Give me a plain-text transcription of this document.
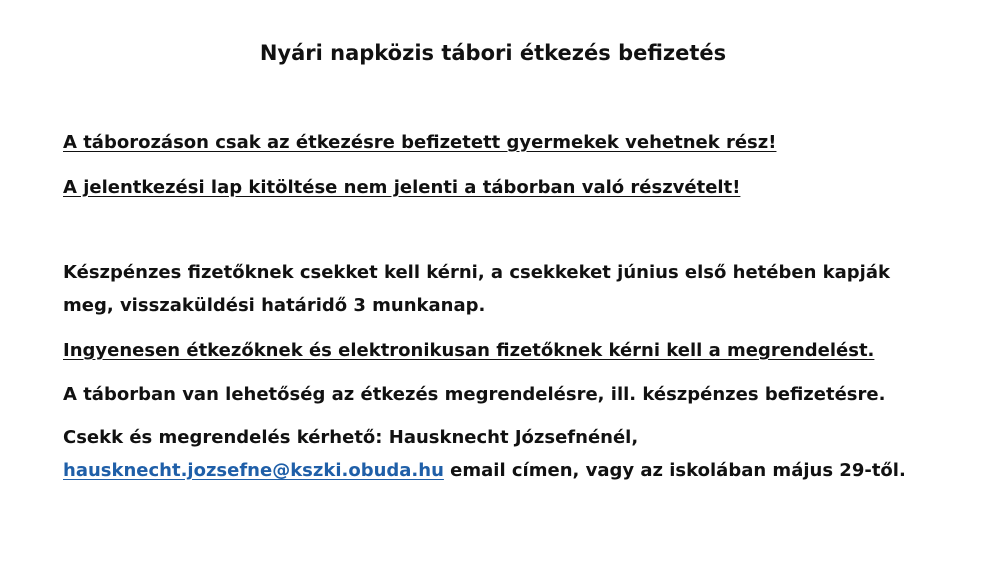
Nyári napközis tábori étkezés befizetés
A táborozáson csak az étkezésre befizetett gyermekek vehetnek rész!
A jelentkezési lap kitöltése nem jelenti a táborban való részvételt!
Készpénzes fizetőknek csekket kell kérni, a csekkeket június első hetében kapják
meg, visszaküldési határidő 3 munkanap.
Ingyenesen étkezőknek és elektronikusan fizetőknek kérni kell a megrendelést.
A táborban van lehetőség az étkezés megrendelésre, ill. készpénzes befizetésre.
Csekk és megrendelés kérhető: Hausknecht Józsefnénél,
hausknecht.jozsefne@kszki.obuda.hu email címen, vagy az iskolában május 29-től.
